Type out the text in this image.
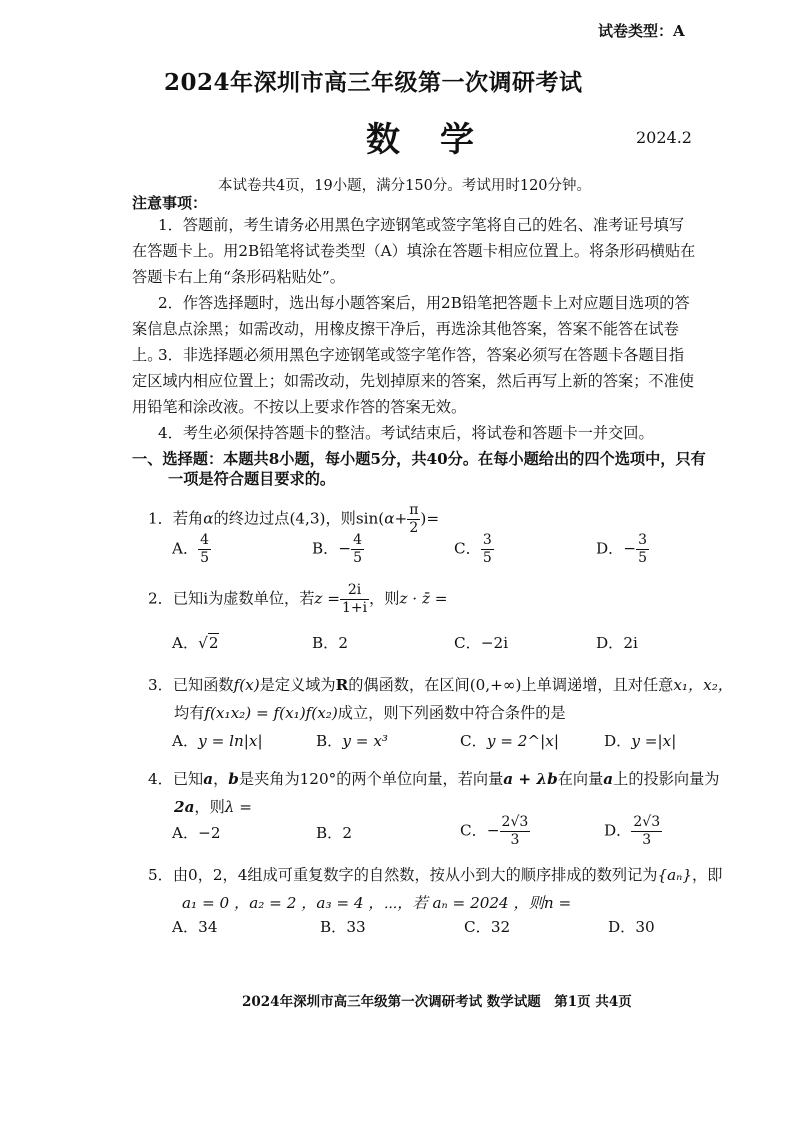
试卷类型：A
2024年深圳市高三年级第一次调研考试
数学	2024.2
本试卷共4页，19小题，满分150分。考试用时120分钟。
注意事项：
1．答题前，考生请务必用黑色字迹钢笔或签字笔将自己的姓名、准考证号填写在答题卡上。用2B铅笔将试卷类型（A）填涂在答题卡相应位置上。将条形码横贴在答题卡右上角“条形码粘贴处”。
2．作答选择题时，选出每小题答案后，用2B铅笔把答题卡上对应题目选项的答案信息点涂黑；如需改动，用橡皮擦干净后，再选涂其他答案，答案不能答在试卷上。
3．非选择题必须用黑色字迹钢笔或签字笔作答，答案必须写在答题卡各题目指定区域内相应位置上；如需改动，先划掉原来的答案，然后再写上新的答案；不准使用铅笔和涂改液。不按以上要求作答的答案无效。
4．考生必须保持答题卡的整洁。考试结束后，将试卷和答题卡一并交回。
一、选择题：本题共8小题，每小题5分，共40分。在每小题给出的四个选项中，只有
一项是符合题目要求的。
1．若角α的终边过点(4,3)，则$\sin(\alpha+ \frac{\pi}{2}$ )=
A． $\frac{4}{5}$	B．− $\frac{4}{5}$	C． $\frac{3}{5}$	D．− $\frac{3}{5}$
2．已知i为虚数单位，若$z = \frac{2i}{1+i}$ ，则z · z̄ =
A．√2	B．2	C．−2i	D．2i
3．已知函数f(x)是定义域为R的偶函数，在区间(0,+∞)上单调递增，且对任意x₁，x₂，
均有f(x₁x₂) = f(x₁)f(x₂)成立，则下列函数中符合条件的是
A．y = ln|x|	B．y = x³	C．y = 2^|x|	D．y =|x|
4．已知a，b是夹角为120°的两个单位向量，若向量a + λb在向量a上的投影向量为
2a，则λ =
A．−2	B．2	C．− $\frac{2√3}{3}$	D． $\frac{2√3}{3}$
5．由0，2，4组成可重复数字的自然数，按从小到大的顺序排成的数列记为{aₙ}，即
a₁ = 0 ，a₂ = 2 ，a₃ = 4 ，⋯，若 aₙ = 2024 ，则n =
A．34	B．33	C．32	D．30
2024年深圳市高三年级第一次调研考试 数学试题　第1页 共4页
